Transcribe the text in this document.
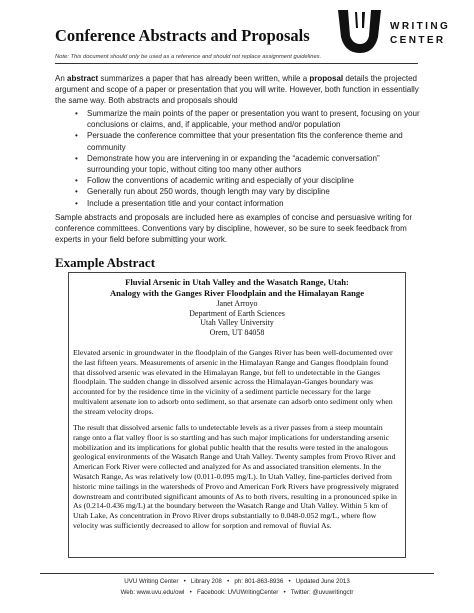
Conference Abstracts and Proposals	WRITING
CENTER
Note: This document should only be used as a reference and should not replace assignment guidelines.
An abstract summarizes a paper that has already been written, while a proposal details the projected argument and scope of a paper or presentation that you will write. However, both function in essentially the same way. Both abstracts and proposals should
• Summarize the main points of the paper or presentation you want to present, focusing on your conclusions or claims, and, if applicable, your method and/or population
• Persuade the conference committee that your presentation fits the conference theme and community
• Demonstrate how you are intervening in or expanding the “academic conversation” surrounding your topic, without citing too many other authors
• Follow the conventions of academic writing and especially of your discipline
• Generally run about 250 words, though length may vary by discipline
• Include a presentation title and your contact information
Sample abstracts and proposals are included here as examples of concise and persuasive writing for conference committees. Conventions vary by discipline, however, so be sure to seek feedback from experts in your field before submitting your work.
Example Abstract
Fluvial Arsenic in Utah Valley and the Wasatch Range, Utah:
Analogy with the Ganges River Floodplain and the Himalayan Range
Janet Arroyo
Department of Earth Sciences
Utah Valley University
Orem, UT 84058
Elevated arsenic in groundwater in the floodplain of the Ganges River has been well-documented over the last fifteen years. Measurements of arsenic in the Himalayan Range and Ganges floodplain found that dissolved arsenic was elevated in the Himalayan Range, but fell to undetectable in the Ganges floodplain. The sudden change in dissolved arsenic across the Himalayan-Ganges boundary was accounted for by the residence time in the vicinity of a sediment particle necessary for the large multivalent arsenate ion to adsorb onto sediment, so that arsenate can adsorb onto sediment only when the stream velocity drops.
The result that dissolved arsenic falls to undetectable levels as a river passes from a steep mountain range onto a flat valley floor is so startling and has such major implications for understanding arsenic mobilization and its implications for global public health that the results were tested in the analogous geological environments of the Wasatch Range and Utah Valley. Twenty samples from Provo River and American Fork River were collected and analyzed for As and associated transition elements. In the Wasatch Range, As was relatively low (0.011-0.095 mg/L). In Utah Valley, fine-particles derived from historic mine tailings in the watersheds of Provo and American Fork Rivers have progressively migrated downstream and contributed significant amounts of As to both rivers, resulting in a pronounced spike in As (0.214-0.436 mg/L) at the boundary between the Wasatch Range and Utah Valley. Within 5 km of Utah Lake, As concentration in Provo River drops substantially to 0.048-0.052 mg/L, where flow velocity was sufficiently decreased to allow for sorption and removal of fluvial As.
UVU Writing Center • Library 208 • ph: 801-863-8936 • Updated June 2013
Web: www.uvu.edu/owl • Facebook: UVUWritingCenter • Twitter: @uvuwritingctr
